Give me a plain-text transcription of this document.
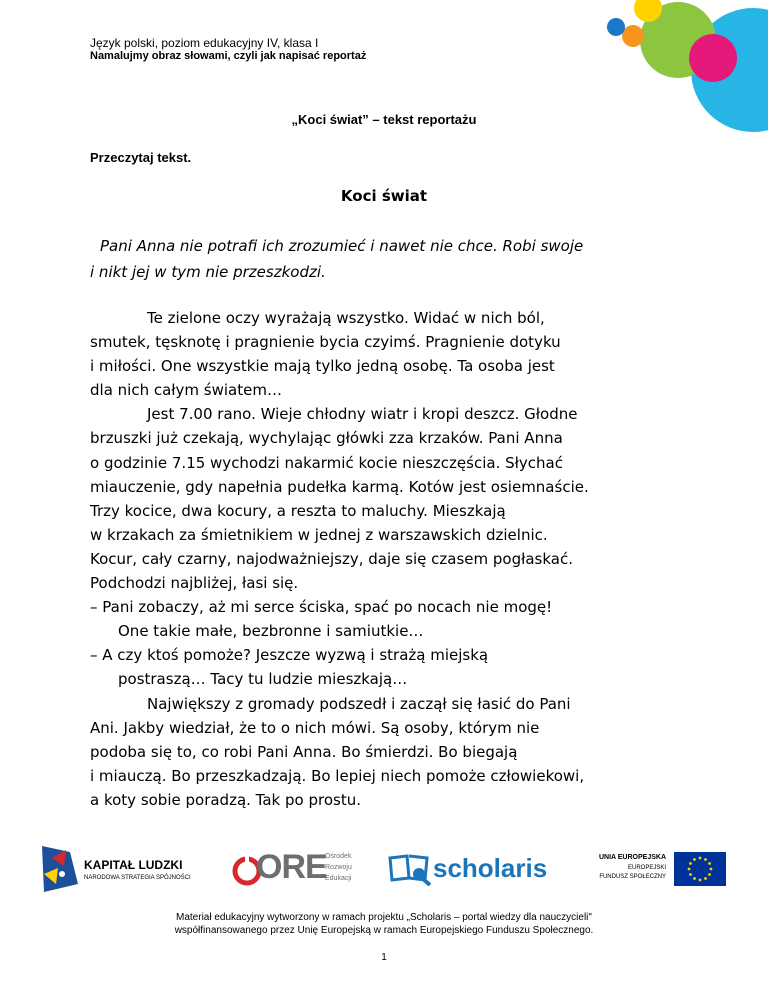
Język polski, poziom edukacyjny IV, klasa I
Namalujmy obraz słowami, czyli jak napisać reportaż
„Koci świat” – tekst reportażu
Przeczytaj tekst.
Koci świat
Pani Anna nie potrafi ich zrozumieć i nawet nie chce. Robi swoje
i nikt jej w tym nie przeszkodzi.
Te zielone oczy wyrażają wszystko. Widać w nich ból,
smutek, tęsknotę i pragnienie bycia czyimś. Pragnienie dotyku
i miłości. One wszystkie mają tylko jedną osobę. Ta osoba jest
dla nich całym światem…
Jest 7.00 rano. Wieje chłodny wiatr i kropi deszcz. Głodne
brzuszki już czekają, wychylając główki zza krzaków. Pani Anna
o godzinie 7.15 wychodzi nakarmić kocie nieszczęścia. Słychać
miauczenie, gdy napełnia pudełka karmą. Kotów jest osiemnaście.
Trzy kocice, dwa kocury, a reszta to maluchy. Mieszkają
w krzakach za śmietnikiem w jednej z warszawskich dzielnic.
Kocur, cały czarny, najodważniejszy, daje się czasem pogłaskać.
Podchodzi najbliżej, łasi się.
– Pani zobaczy, aż mi serce ściska, spać po nocach nie mogę!
One takie małe, bezbronne i samiutkie…
– A czy ktoś pomoże? Jeszcze wyzwą i strażą miejską
postraszą… Tacy tu ludzie mieszkają…
Największy z gromady podszedł i zaczął się łasić do Pani
Ani. Jakby wiedział, że to o nich mówi. Są osoby, którym nie
podoba się to, co robi Pani Anna. Bo śmierdzi. Bo biegają
i miauczą. Bo przeszkadzają. Bo lepiej niech pomoże człowiekowi,
a koty sobie poradzą. Tak po prostu.
KAPITAŁ LUDZKI
NARODOWA STRATEGIA SPÓJNOŚCI ORE
Ośrodek
Rozwoju
Edukacji	scholaris	UNIA EUROPEJSKA
EUROPEJSKI
FUNDUSZ SPOŁECZNY
Materiał edukacyjny wytworzony w ramach projektu „Scholaris – portal wiedzy dla nauczycieli"
współfinansowanego przez Unię Europejską w ramach Europejskiego Funduszu Społecznego.
1
